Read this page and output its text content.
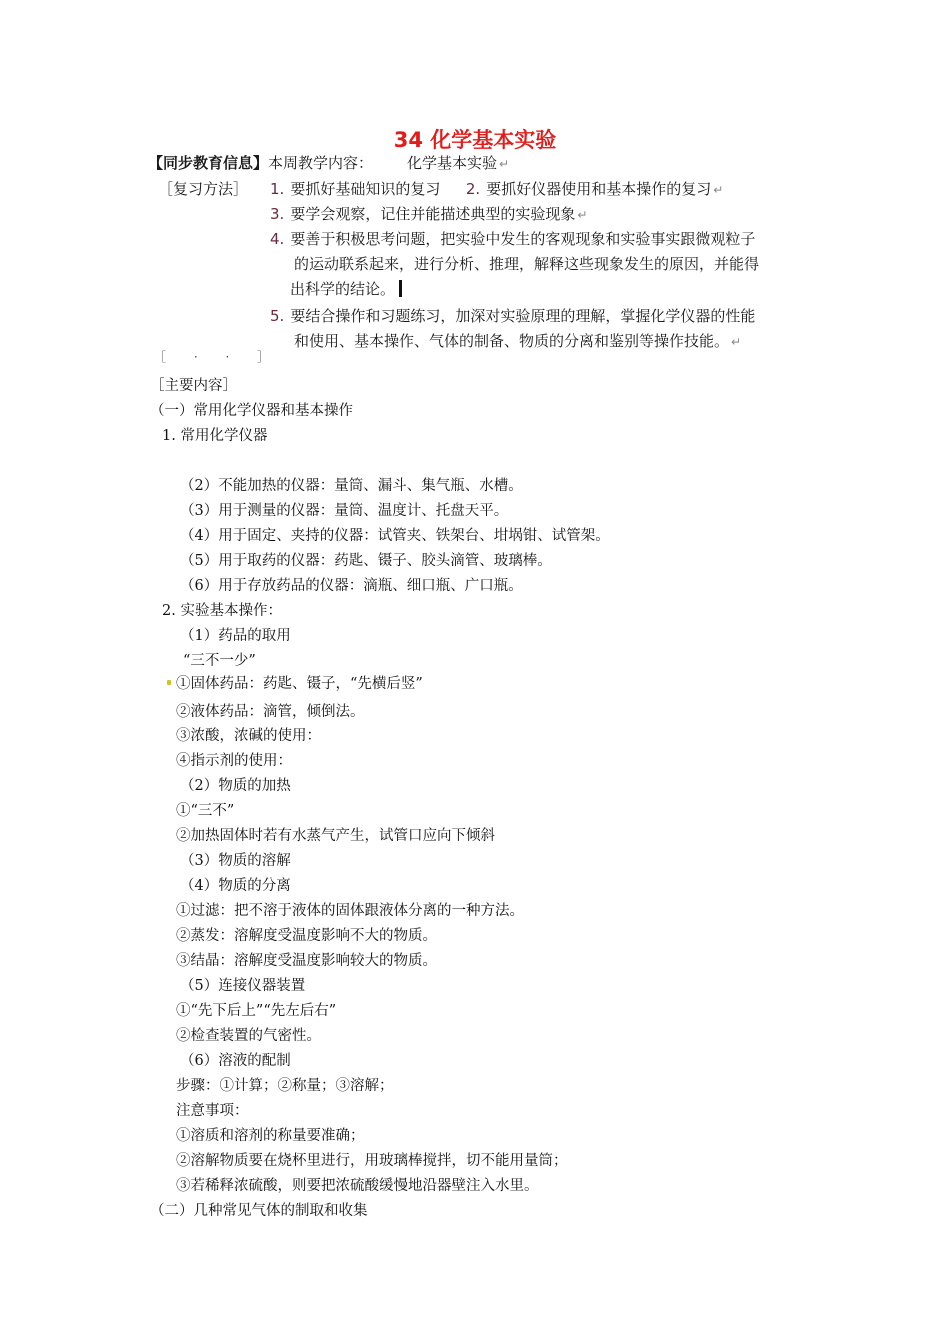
34 化学基本实验
【同步教育信息】本周教学内容： 化学基本实验 ↵
［复习方法］ 1. 要抓好基础知识的复习 2. 要抓好仪器使用和基本操作的复习 ↵
3. 要学会观察，记住并能描述典型的实验现象 ↵
4. 要善于积极思考问题，把实验中发生的客观现象和实验事实跟微观粒子
的运动联系起来，进行分析、推理，解释这些现象发生的原因，并能得
出科学的结论。
5. 要结合操作和习题练习，加深对实验原理的理解，掌握化学仪器的性能
和使用、基本操作、气体的制备、物质的分离和鉴别等操作技能。 ↵
［ · · ］
［主要内容］
（一）常用化学仪器和基本操作
1. 常用化学仪器
（2）不能加热的仪器：量筒、漏斗、集气瓶、水槽。
（3）用于测量的仪器：量筒、温度计、托盘天平。
（4）用于固定、夹持的仪器：试管夹、铁架台、坩埚钳、试管架。
（5）用于取药的仪器：药匙、镊子、胶头滴管、玻璃棒。
（6）用于存放药品的仪器：滴瓶、细口瓶、广口瓶。
2. 实验基本操作：
（1）药品的取用
“三不一少”
①固体药品：药匙、镊子，“先横后竖”
②液体药品：滴管，倾倒法。
③浓酸，浓碱的使用：
④指示剂的使用：
（2）物质的加热
①“三不”
②加热固体时若有水蒸气产生，试管口应向下倾斜
（3）物质的溶解
（4）物质的分离
①过滤：把不溶于液体的固体跟液体分离的一种方法。
②蒸发：溶解度受温度影响不大的物质。
③结晶：溶解度受温度影响较大的物质。
（5）连接仪器装置
①“先下后上”“先左后右”
②检查装置的气密性。
（6）溶液的配制
步骤：①计算；②称量；③溶解；
注意事项：
①溶质和溶剂的称量要准确；
②溶解物质要在烧杯里进行，用玻璃棒搅拌，切不能用量筒；
③若稀释浓硫酸，则要把浓硫酸缓慢地沿器壁注入水里。
（二）几种常见气体的制取和收集
